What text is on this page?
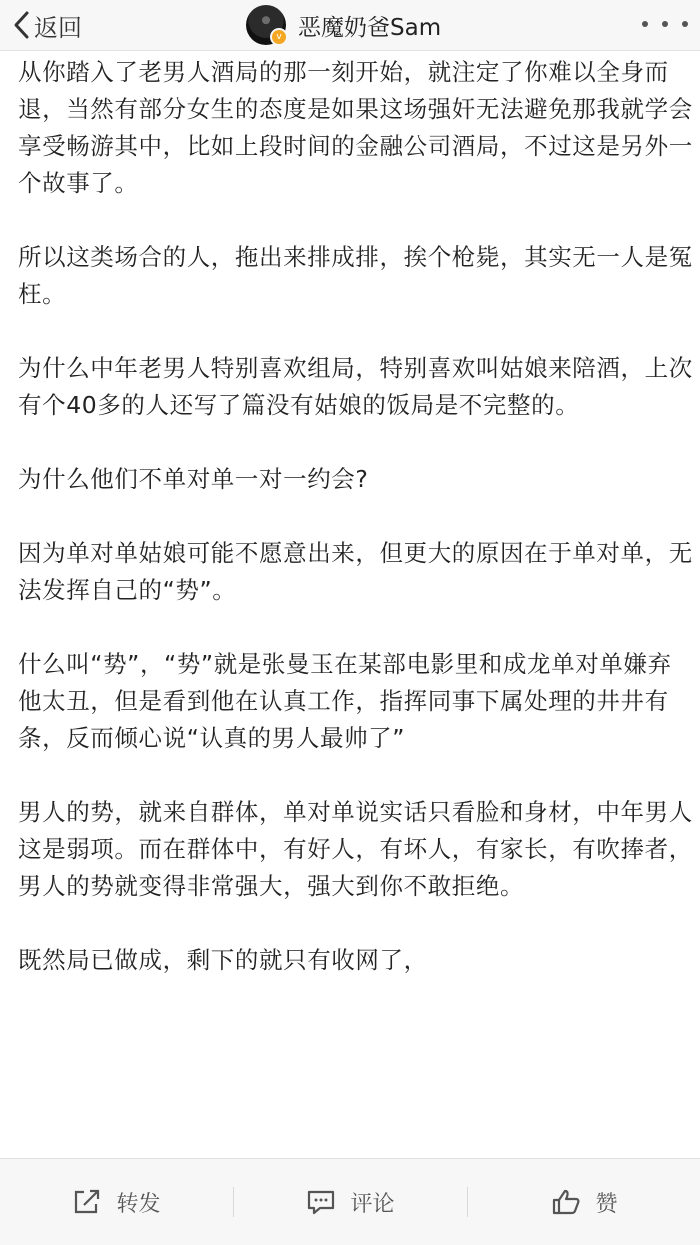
返回	v 恶魔奶爸Sam

从你踏入了老男人酒局的那一刻开始，就注定了你难以全身而退，当然有部分女生的态度是如果这场强奸无法避免那我就学会享受畅游其中，比如上段时间的金融公司酒局，不过这是另外一个故事了。

所以这类场合的人，拖出来排成排，挨个枪毙，其实无一人是冤枉。

为什么中年老男人特别喜欢组局，特别喜欢叫姑娘来陪酒，上次有个40多的人还写了篇没有姑娘的饭局是不完整的。

为什么他们不单对单一对一约会?

因为单对单姑娘可能不愿意出来，但更大的原因在于单对单，无法发挥自己的“势”。

什么叫“势”，“势”就是张曼玉在某部电影里和成龙单对单嫌弃他太丑，但是看到他在认真工作，指挥同事下属处理的井井有条，反而倾心说“认真的男人最帅了”

男人的势，就来自群体，单对单说实话只看脸和身材，中年男人这是弱项。而在群体中，有好人，有坏人，有家长，有吹捧者，男人的势就变得非常强大，强大到你不敢拒绝。

既然局已做成，剩下的就只有收网了，

转发	评论	赞
